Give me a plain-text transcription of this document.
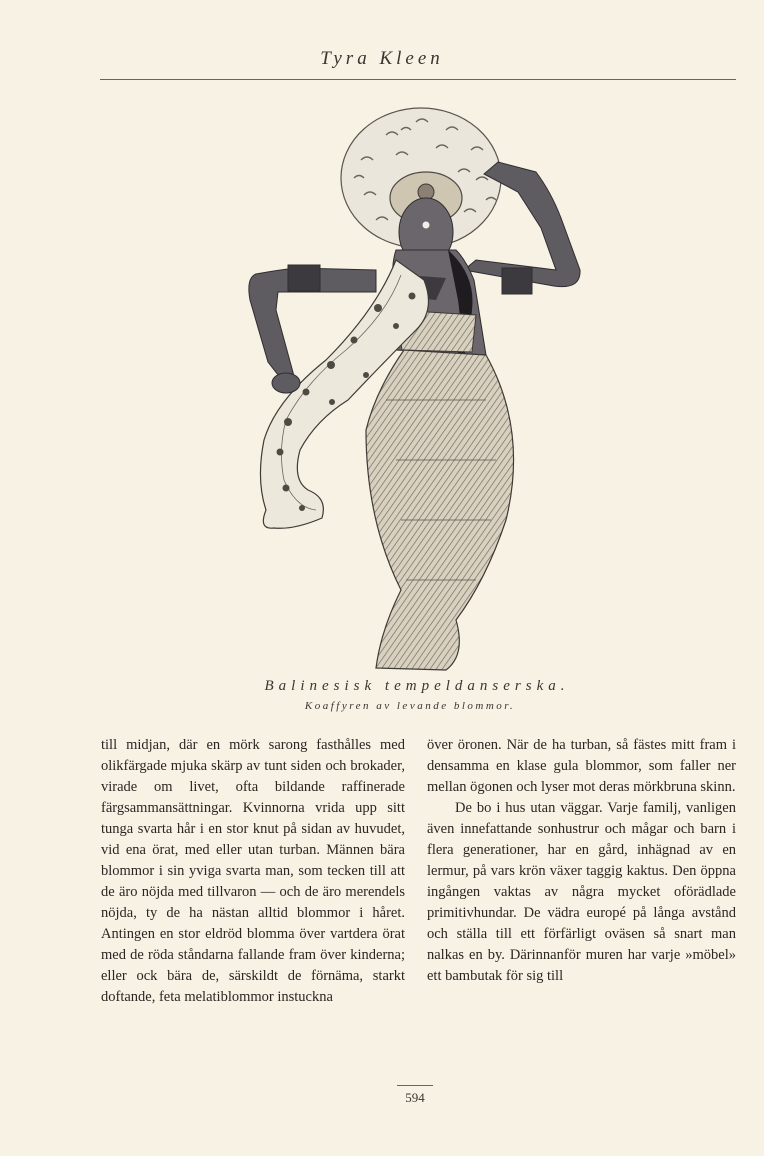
Tyra Kleen
Balinesisk tempeldanserska.
Koaffyren av levande blommor.

till midjan, där en mörk sarong fasthålles med olikfärgade mjuka skärp av tunt siden och brokader, virade om livet, ofta bildande raffinerade färgsammansättningar. Kvinnorna vrida upp sitt tunga svarta hår i en stor knut på sidan av huvudet, vid ena örat, med eller utan turban. Männen bära blommor i sin yviga svarta man, som tecken till att de äro nöjda med tillvaron — och de äro merendels nöjda, ty de ha nästan alltid blommor i håret. Antingen en stor eldröd blomma över vartdera örat med de röda ståndarna fallande fram över kinderna; eller ock bära de, särskildt de förnäma, starkt doftande, feta melatiblommor instuckna

över öronen. När de ha turban, så fästes mitt fram i densamma en klase gula blommor, som faller ner mellan ögonen och lyser mot deras mörkbruna skinn.

De bo i hus utan väggar. Varje familj, vanligen även innefattande sonhustrur och mågar och barn i flera generationer, har en gård, inhägnad av en lermur, på vars krön växer taggig kaktus. Den öppna ingången vaktas av några mycket oförädlade primitivhundar. De vädra europé på långa avstånd och ställa till ett förfärligt oväsen så snart man nalkas en by. Därinnanför muren har varje »möbel» ett bambutak för sig till

594
